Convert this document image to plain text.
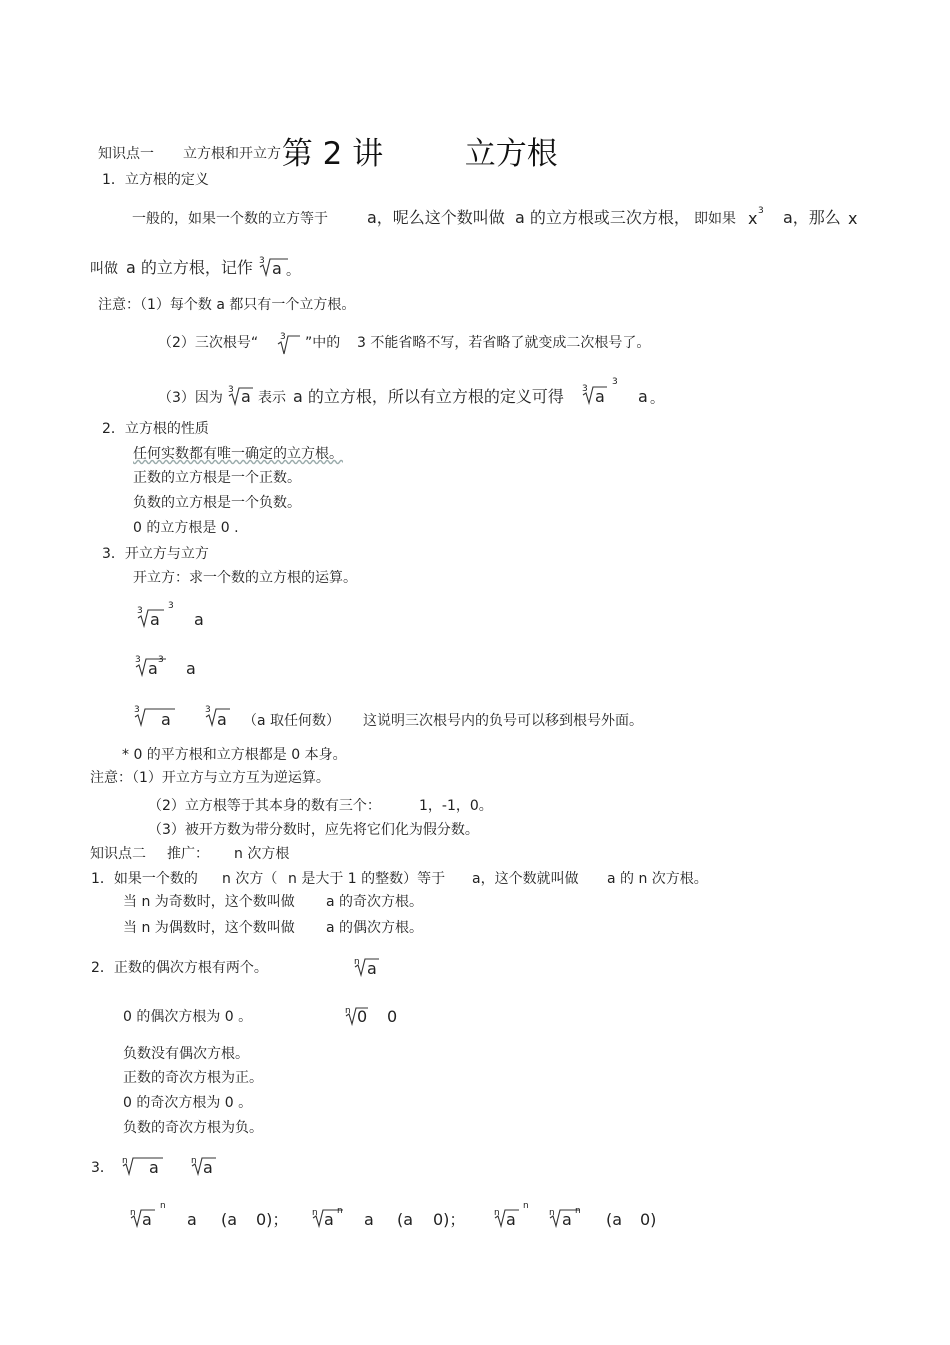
第 2 讲	立方根

知识点一 立方根和开立方
1．立方根的定义
一般的，如果一个数的立方等于 a，呢么这个数叫做 a 的立方根或三次方根， 即如果 x 3 a，那么 x
叫做 a 的立方根，记作 3 a 。
注意：（1）每个数 a 都只有一个立方根。
（2）三次根号“ 3 ”中的 3 不能省略不写，若省略了就变成二次根号了。
（3）因为 3 a 表示 a 的立方根，所以有立方根的定义可得 3 a
3
a 。
2．立方根的性质
任何实数都有唯一确定的立方根。
正数的立方根是一个正数。
负数的立方根是一个负数。
0 的立方根是 0 .
3．开立方与立方
开立方：求一个数的立方根的运算。
3 a
3
a
3 a 3 a
3 a	3 a （a 取任何数） 这说明三次根号内的负号可以移到根号外面。
* 0 的平方根和立方根都是 0 本身。
注意：（1）开立方与立方互为逆运算。
（2）立方根等于其本身的数有三个：	1，-1，0。
（3）被开方数为带分数时，应先将它们化为假分数。
知识点二 推广： n 次方根
1．如果一个数的 n 次方（ n 是大于 1 的整数）等于 a，这个数就叫做 a 的 n 次方根。
当 n 为奇数时，这个数叫做 a 的奇次方根。
当 n 为偶数时，这个数叫做 a 的偶次方根。
2．正数的偶次方根有两个。	n a
0 的偶次方根为 0 。	n 0 0
负数没有偶次方根。
正数的奇次方根为正。
0 的奇次方根为 0 。
负数的奇次方根为负。
3． n a	n a
n a
n
a (a 0)；	n a n a (a 0)；	n a
n
n a n (a 0)
